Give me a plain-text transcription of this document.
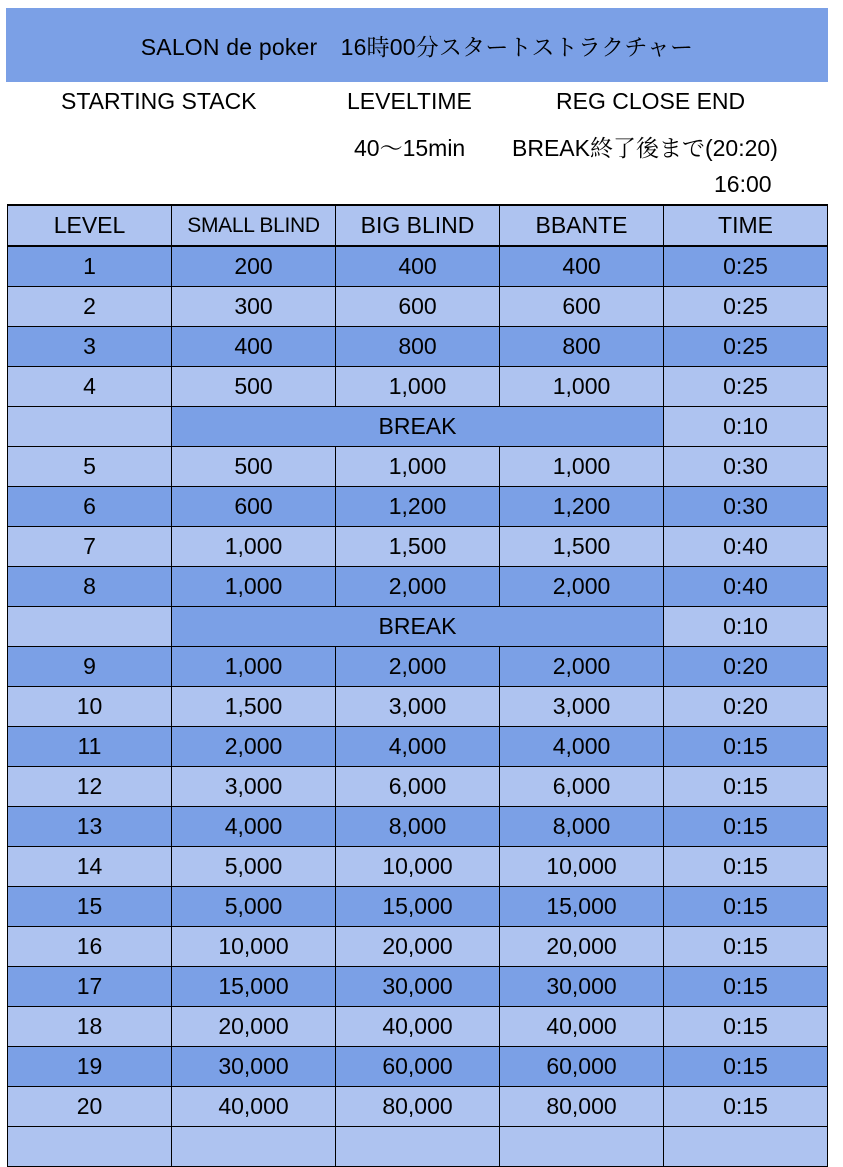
SALON de poker　16時00分スタートストラクチャー
STARTING STACK	LEVELTIME	REG CLOSE END
40〜15min BREAK終了後まで(20:20)
16:00
LEVEL	SMALL BLIND	BIG BLIND	BBANTE	TIME
1	200	400	400	0:25
2	300	600	600	0:25
3	400	800	800	0:25
4	500	1,000	1,000	0:25
	BREAK			0:10
5	500	1,000	1,000	0:30
6	600	1,200	1,200	0:30
7	1,000	1,500	1,500	0:40
8	1,000	2,000	2,000	0:40
	BREAK			0:10
9	1,000	2,000	2,000	0:20
10	1,500	3,000	3,000	0:20
11	2,000	4,000	4,000	0:15
12	3,000	6,000	6,000	0:15
13	4,000	8,000	8,000	0:15
14	5,000	10,000	10,000	0:15
15	5,000	15,000	15,000	0:15
16	10,000	20,000	20,000	0:15
17	15,000	30,000	30,000	0:15
18	20,000	40,000	40,000	0:15
19	30,000	60,000	60,000	0:15
20	40,000	80,000	80,000	0:15
